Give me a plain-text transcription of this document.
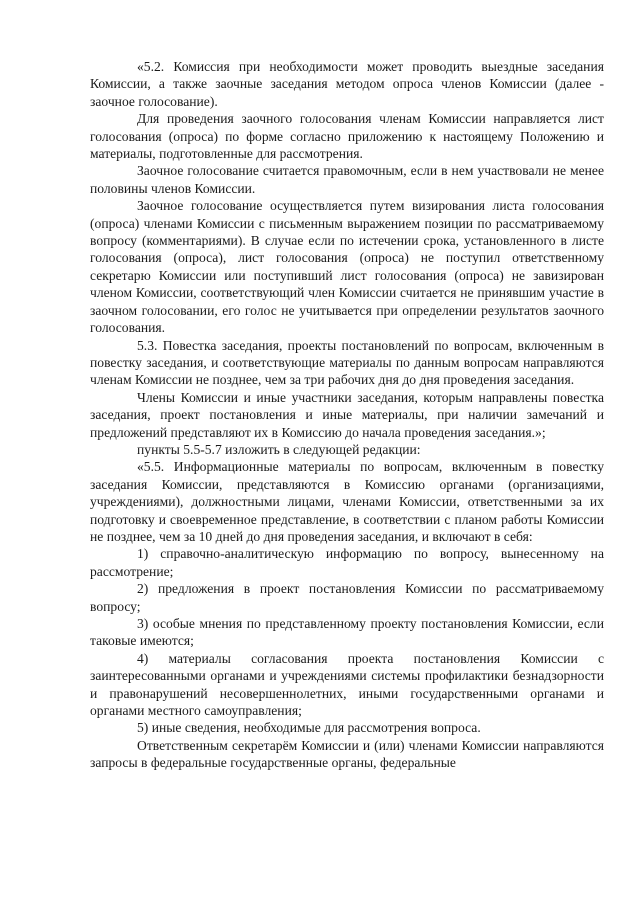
«5.2. Комиссия при необходимости может проводить выездные заседания Комиссии, а также заочные заседания методом опроса членов Комиссии (далее - заочное голосование).

Для проведения заочного голосования членам Комиссии направляется лист голосования (опроса) по форме согласно приложению к настоящему Положению и материалы, подготовленные для рассмотрения.

Заочное голосование считается правомочным, если в нем участвовали не менее половины членов Комиссии.

Заочное голосование осуществляется путем визирования листа голосования (опроса) членами Комиссии с письменным выражением позиции по рассматриваемому вопросу (комментариями). В случае если по истечении срока, установленного в листе голосования (опроса), лист голосования (опроса) не поступил ответственному секретарю Комиссии или поступивший лист голосования (опроса) не завизирован членом Комиссии, соответствующий член Комиссии считается не принявшим участие в заочном голосовании, его голос не учитывается при определении результатов заочного голосования.

5.3. Повестка заседания, проекты постановлений по вопросам, включенным в повестку заседания, и соответствующие материалы по данным вопросам направляются членам Комиссии не позднее, чем за три рабочих дня до дня проведения заседания.

Члены Комиссии и иные участники заседания, которым направлены повестка заседания, проект постановления и иные материалы, при наличии замечаний и предложений представляют их в Комиссию до начала проведения заседания.»;

пункты 5.5-5.7 изложить в следующей редакции:

«5.5. Информационные материалы по вопросам, включенным в повестку заседания Комиссии, представляются в Комиссию органами (организациями, учреждениями), должностными лицами, членами Комиссии, ответственными за их подготовку и своевременное представление, в соответствии с планом работы Комиссии не позднее, чем за 10 дней до дня проведения заседания, и включают в себя:

1) справочно-аналитическую информацию по вопросу, вынесенному на рассмотрение;

2) предложения в проект постановления Комиссии по рассматриваемому вопросу;

3) особые мнения по представленному проекту постановления Комиссии, если таковые имеются;

4) материалы согласования проекта постановления Комиссии с заинтересованными органами и учреждениями системы профилактики безнадзорности и правонарушений несовершеннолетних, иными государственными органами и органами местного самоуправления;

5) иные сведения, необходимые для рассмотрения вопроса.

Ответственным секретарём Комиссии и (или) членами Комиссии направляются запросы в федеральные государственные органы, федеральные
